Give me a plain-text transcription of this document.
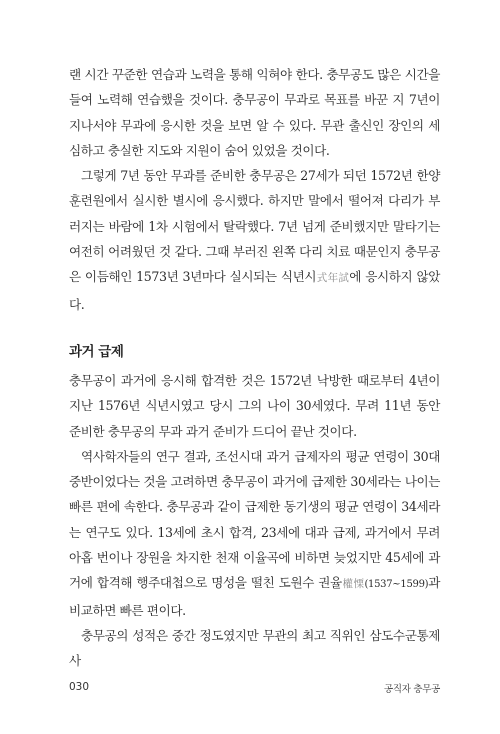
랜 시간 꾸준한 연습과 노력을 통해 익혀야 한다. 충무공도 많은 시간을 들여 노력해 연습했을 것이다. 충무공이 무과로 목표를 바꾼 지 7년이 지나서야 무과에 응시한 것을 보면 알 수 있다. 무관 출신인 장인의 세심하고 충실한 지도와 지원이 숨어 있었을 것이다.

그렇게 7년 동안 무과를 준비한 충무공은 27세가 되던 1572년 한양 훈련원에서 실시한 별시에 응시했다. 하지만 말에서 떨어져 다리가 부러지는 바람에 1차 시험에서 탈락했다. 7년 넘게 준비했지만 말타기는 여전히 어려웠던 것 같다. 그때 부러진 왼쪽 다리 치료 때문인지 충무공은 이듬해인 1573년 3년마다 실시되는 식년시式年試에 응시하지 않았다.

과거 급제

충무공이 과거에 응시해 합격한 것은 1572년 낙방한 때로부터 4년이 지난 1576년 식년시였고 당시 그의 나이 30세였다. 무려 11년 동안 준비한 충무공의 무과 과거 준비가 드디어 끝난 것이다.

역사학자들의 연구 결과, 조선시대 과거 급제자의 평균 연령이 30대 중반이었다는 것을 고려하면 충무공이 과거에 급제한 30세라는 나이는 빠른 편에 속한다. 충무공과 같이 급제한 동기생의 평균 연령이 34세라는 연구도 있다. 13세에 초시 합격, 23세에 대과 급제, 과거에서 무려 아홉 번이나 장원을 차지한 천재 이율곡에 비하면 늦었지만 45세에 과거에 합격해 행주대첩으로 명성을 떨친 도원수 권율權慄(1537~1599)과 비교하면 빠른 편이다.

충무공의 성적은 중간 정도였지만 무관의 최고 직위인 삼도수군통제사

030	공직자 충무공
